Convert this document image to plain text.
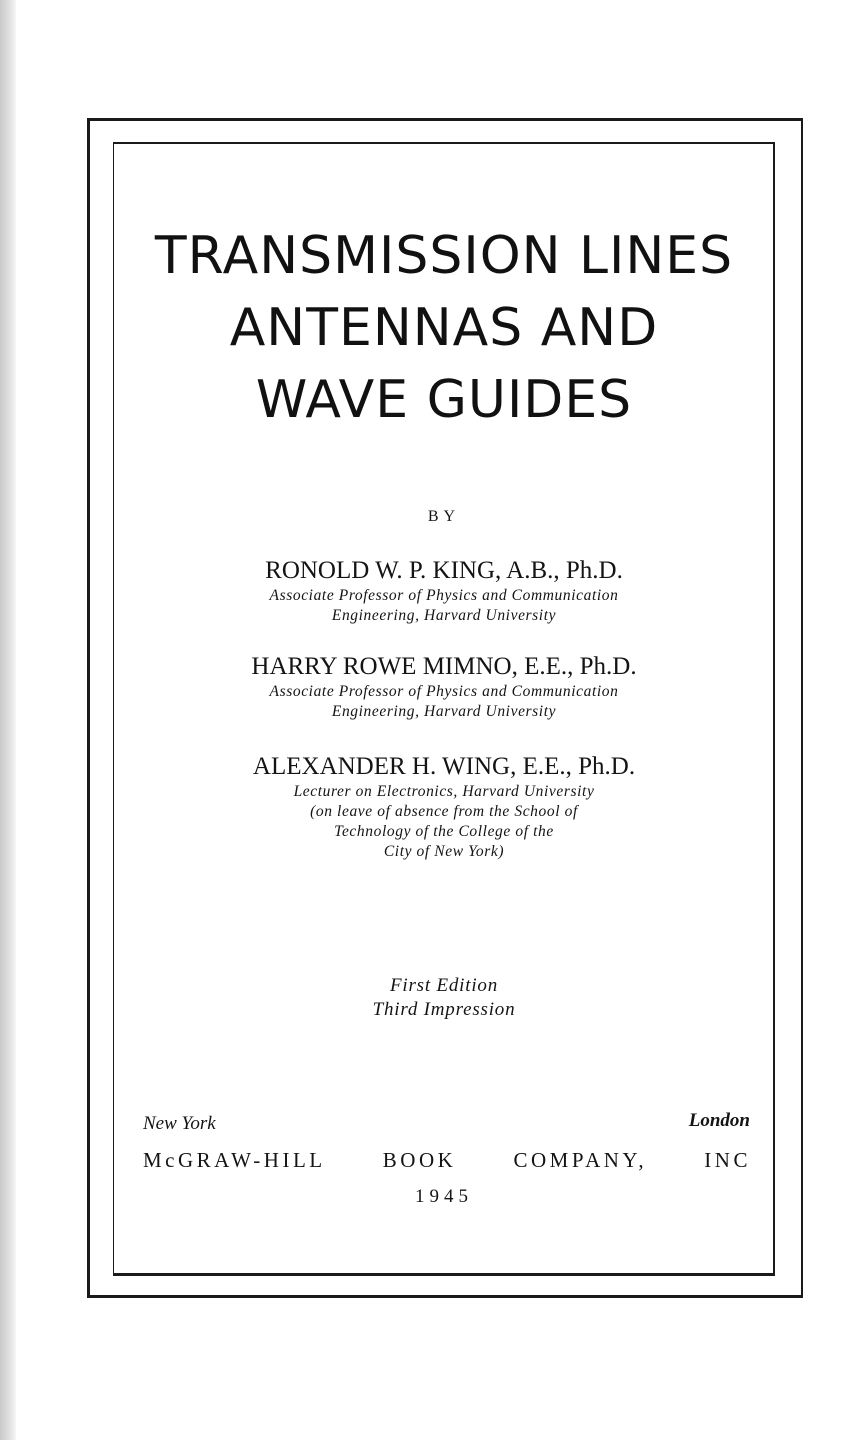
TRANSMISSION LINES
ANTENNAS AND
WAVE GUIDES
BY
RONOLD W. P. KING, A.B., Ph.D.
Associate Professor of Physics and Communication
Engineering, Harvard University
HARRY ROWE MIMNO, E.E., Ph.D.
Associate Professor of Physics and Communication
Engineering, Harvard University
ALEXANDER H. WING, E.E., Ph.D.
Lecturer on Electronics, Harvard University
(on leave of absence from the School of
Technology of the College of the
City of New York)
First Edition
Third Impression
New York	London
McGRAW-HILL	BOOK	COMPANY,	INC
1945
